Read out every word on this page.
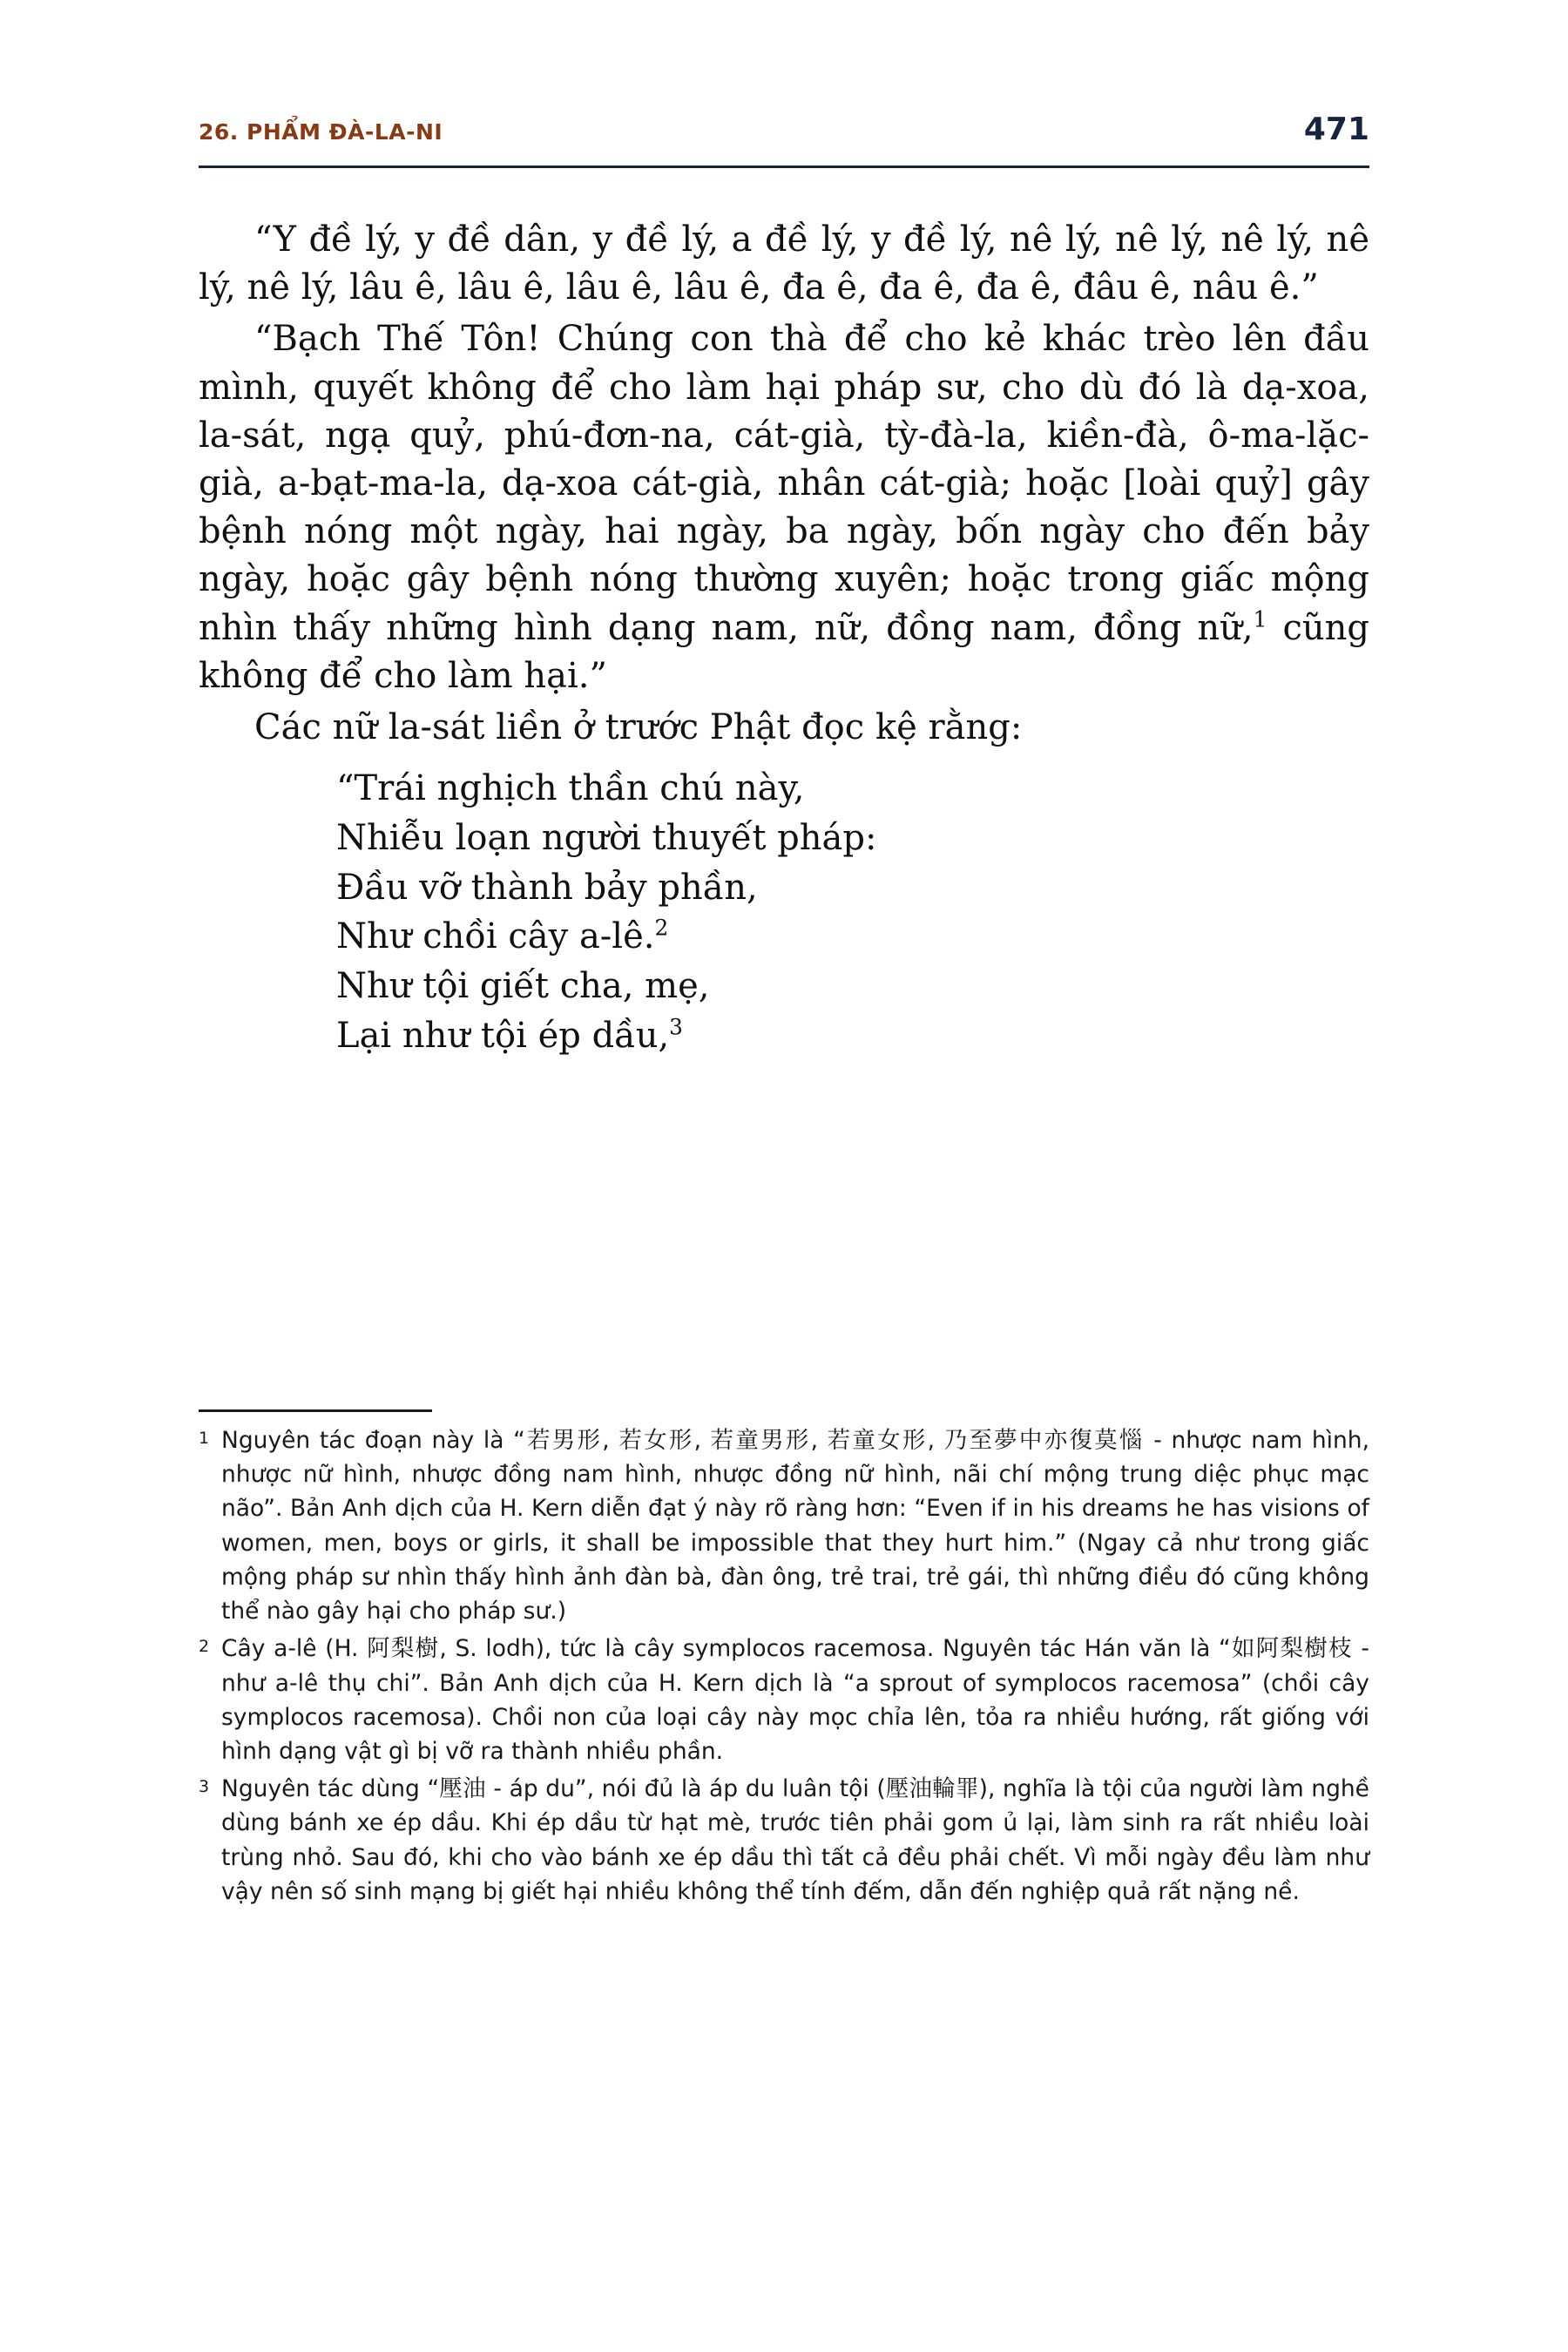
26. PHẨM ĐÀ-LA-NI	471

“Y đề lý, y đề dân, y đề lý, a đề lý, y đề lý, nê lý, nê lý, nê lý, nê lý, nê lý, lâu ê, lâu ê, lâu ê, lâu ê, đa ê, đa ê, đa ê, đâu ê, nâu ê.”

“Bạch Thế Tôn! Chúng con thà để cho kẻ khác trèo lên đầu mình, quyết không để cho làm hại pháp sư, cho dù đó là dạ-xoa, la-sát, ngạ quỷ, phú-đơn-na, cát-già, tỳ-đà-la, kiền-đà, ô-ma-lặc-già, a-bạt-ma-la, dạ-xoa cát-già, nhân cát-già; hoặc [loài quỷ] gây bệnh nóng một ngày, hai ngày, ba ngày, bốn ngày cho đến bảy ngày, hoặc gây bệnh nóng thường xuyên; hoặc trong giấc mộng nhìn thấy những hình dạng nam, nữ, đồng nam, đồng nữ,$^1$ cũng không để cho làm hại.”

Các nữ la-sát liền ở trước Phật đọc kệ rằng:

“Trái nghịch thần chú này,
Nhiễu loạn người thuyết pháp:
Đầu vỡ thành bảy phần,
Như chồi cây a-lê.$^2$
Như tội giết cha, mẹ,
Lại như tội ép dầu,$^3$
1 Nguyên tác đoạn này là “若男形, 若女形, 若童男形, 若童女形, 乃至夢中亦復莫惱 - nhược nam hình, nhược nữ hình, nhược đồng nam hình, nhược đồng nữ hình, nãi chí mộng trung diệc phục mạc não”. Bản Anh dịch của H. Kern diễn đạt ý này rõ ràng hơn: “Even if in his dreams he has visions of women, men, boys or girls, it shall be impossible that they hurt him.” (Ngay cả như trong giấc mộng pháp sư nhìn thấy hình ảnh đàn bà, đàn ông, trẻ trai, trẻ gái, thì những điều đó cũng không thể nào gây hại cho pháp sư.)
2 Cây a-lê (H. 阿梨樹, S. lodh), tức là cây symplocos racemosa. Nguyên tác Hán văn là “如阿梨樹枝 - như a-lê thụ chi”. Bản Anh dịch của H. Kern dịch là “a sprout of symplocos racemosa” (chồi cây symplocos racemosa). Chồi non của loại cây này mọc chỉa lên, tỏa ra nhiều hướng, rất giống với hình dạng vật gì bị vỡ ra thành nhiều phần.
3 Nguyên tác dùng “壓油 - áp du”, nói đủ là áp du luân tội (壓油輪罪), nghĩa là tội của người làm nghề dùng bánh xe ép dầu. Khi ép dầu từ hạt mè, trước tiên phải gom ủ lại, làm sinh ra rất nhiều loài trùng nhỏ. Sau đó, khi cho vào bánh xe ép dầu thì tất cả đều phải chết. Vì mỗi ngày đều làm như vậy nên số sinh mạng bị giết hại nhiều không thể tính đếm, dẫn đến nghiệp quả rất nặng nề.
